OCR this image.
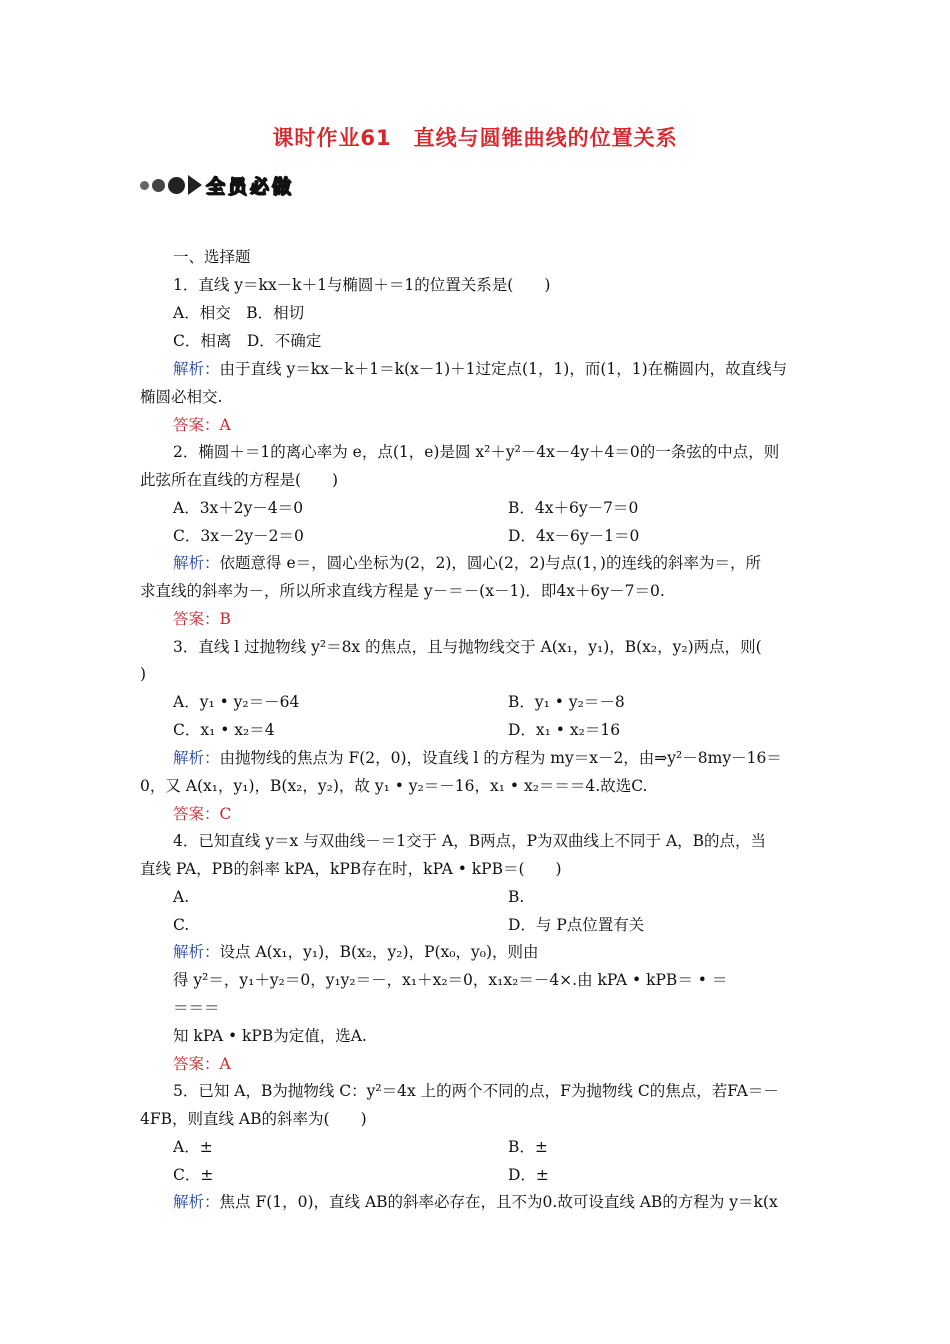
课时作业61　直线与圆锥曲线的位置关系
全员必做
一、选择题
1．直线 y＝kx－k＋1与椭圆＋＝1的位置关系是(　　)
A．相交　B．相切
C．相离　D．不确定
解析：由于直线 y＝kx－k＋1＝k(x－1)＋1过定点(1，1)，而(1，1)在椭圆内，故直线与
椭圆必相交.
答案：A
2．椭圆＋＝1的离心率为 e，点(1，e)是圆 x²＋y²－4x－4y＋4＝0的一条弦的中点，则
此弦所在直线的方程是(　　)
A．3x＋2y－4＝0	B．4x＋6y－7＝0
C．3x－2y－2＝0	D．4x－6y－1＝0
解析：依题意得 e＝，圆心坐标为(2，2)，圆心(2，2)与点(1，)的连线的斜率为＝，所
求直线的斜率为－，所以所求直线方程是 y－＝－(x－1)．即4x＋6y－7＝0.
答案：B
3．直线 l 过抛物线 y²＝8x 的焦点，且与抛物线交于 A(x₁，y₁)，B(x₂，y₂)两点，则(
)
A．y₁ • y₂＝－64	B．y₁ • y₂＝－8
C．x₁ • x₂＝4	D．x₁ • x₂＝16
解析：由抛物线的焦点为 F(2，0)，设直线 l 的方程为 my＝x－2，由⇒y²－8my－16＝
0，又 A(x₁，y₁)，B(x₂，y₂)，故 y₁ • y₂＝－16，x₁ • x₂＝＝＝4.故选C.
答案：C
4．已知直线 y＝x 与双曲线－＝1交于 A，B两点，P为双曲线上不同于 A，B的点，当
直线 PA，PB的斜率 kPA，kPB存在时，kPA • kPB＝(　　)
A.	B.
C.	D．与 P点位置有关
解析：设点 A(x₁，y₁)，B(x₂，y₂)，P(x₀，y₀)，则由
得 y²＝，y₁＋y₂＝0，y₁y₂＝－，x₁＋x₂＝0，x₁x₂＝－4×.由 kPA • kPB＝ • ＝
＝＝＝
知 kPA • kPB为定值，选A.
答案：A
5．已知 A，B为抛物线 C：y²＝4x 上的两个不同的点，F为抛物线 C的焦点，若FA＝－
4FB，则直线 AB的斜率为(　　)
A．±	B．±
C．±	D．±
解析：焦点 F(1，0)，直线 AB的斜率必存在，且不为0.故可设直线 AB的方程为 y＝k(x
